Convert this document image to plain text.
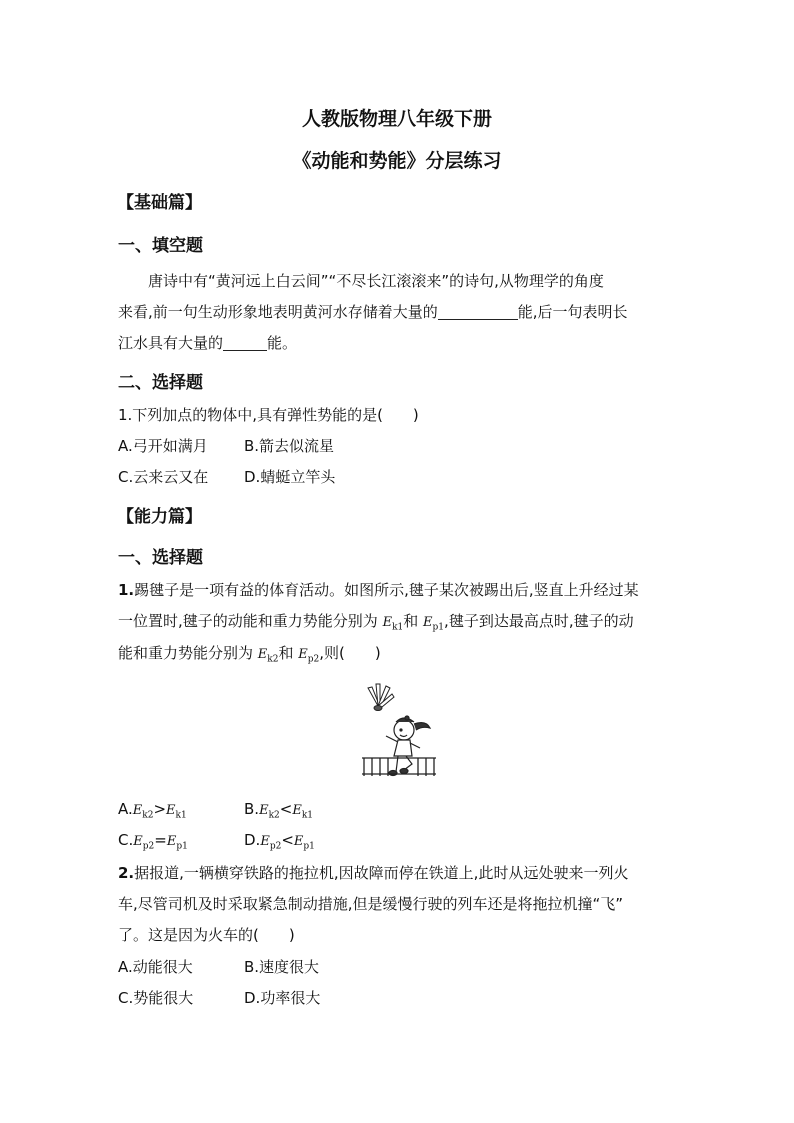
人教版物理八年级下册
《动能和势能》分层练习
【基础篇】
一、填空题
唐诗中有“黄河远上白云间”“不尽长江滚滚来”的诗句,从物理学的角度
来看,前一句生动形象地表明黄河水存储着大量的	能,后一句表明长
江水具有大量的	能。
二、选择题
1.下列加点的物体中,具有弹性势能的是(　　)
A.弓开如满月 B.箭去似流星
C.云来云又在 D.蜻蜓立竿头
【能力篇】
一、选择题
1.踢毽子是一项有益的体育活动。如图所示,毽子某次被踢出后,竖直上升经过某
一位置时,毽子的动能和重力势能分别为 $E_{k1}$和 $E_{p1}$,毽子到达最高点时,毽子的动
能和重力势能分别为 $E_{k2}$和 $E_{p2}$,则(　　)
$A.E_{k2}>E_{k1}$	$B.E_{k2}<E_{k1}$
$C.E_{p2}=E_{p1}$	$D.E_{p2}<E_{p1}$
2.据报道,一辆横穿铁路的拖拉机,因故障而停在铁道上,此时从远处驶来一列火
车,尽管司机及时采取紧急制动措施,但是缓慢行驶的列车还是将拖拉机撞“飞”
了。这是因为火车的(　　)
A.动能很大	B.速度很大
C.势能很大	D.功率很大
